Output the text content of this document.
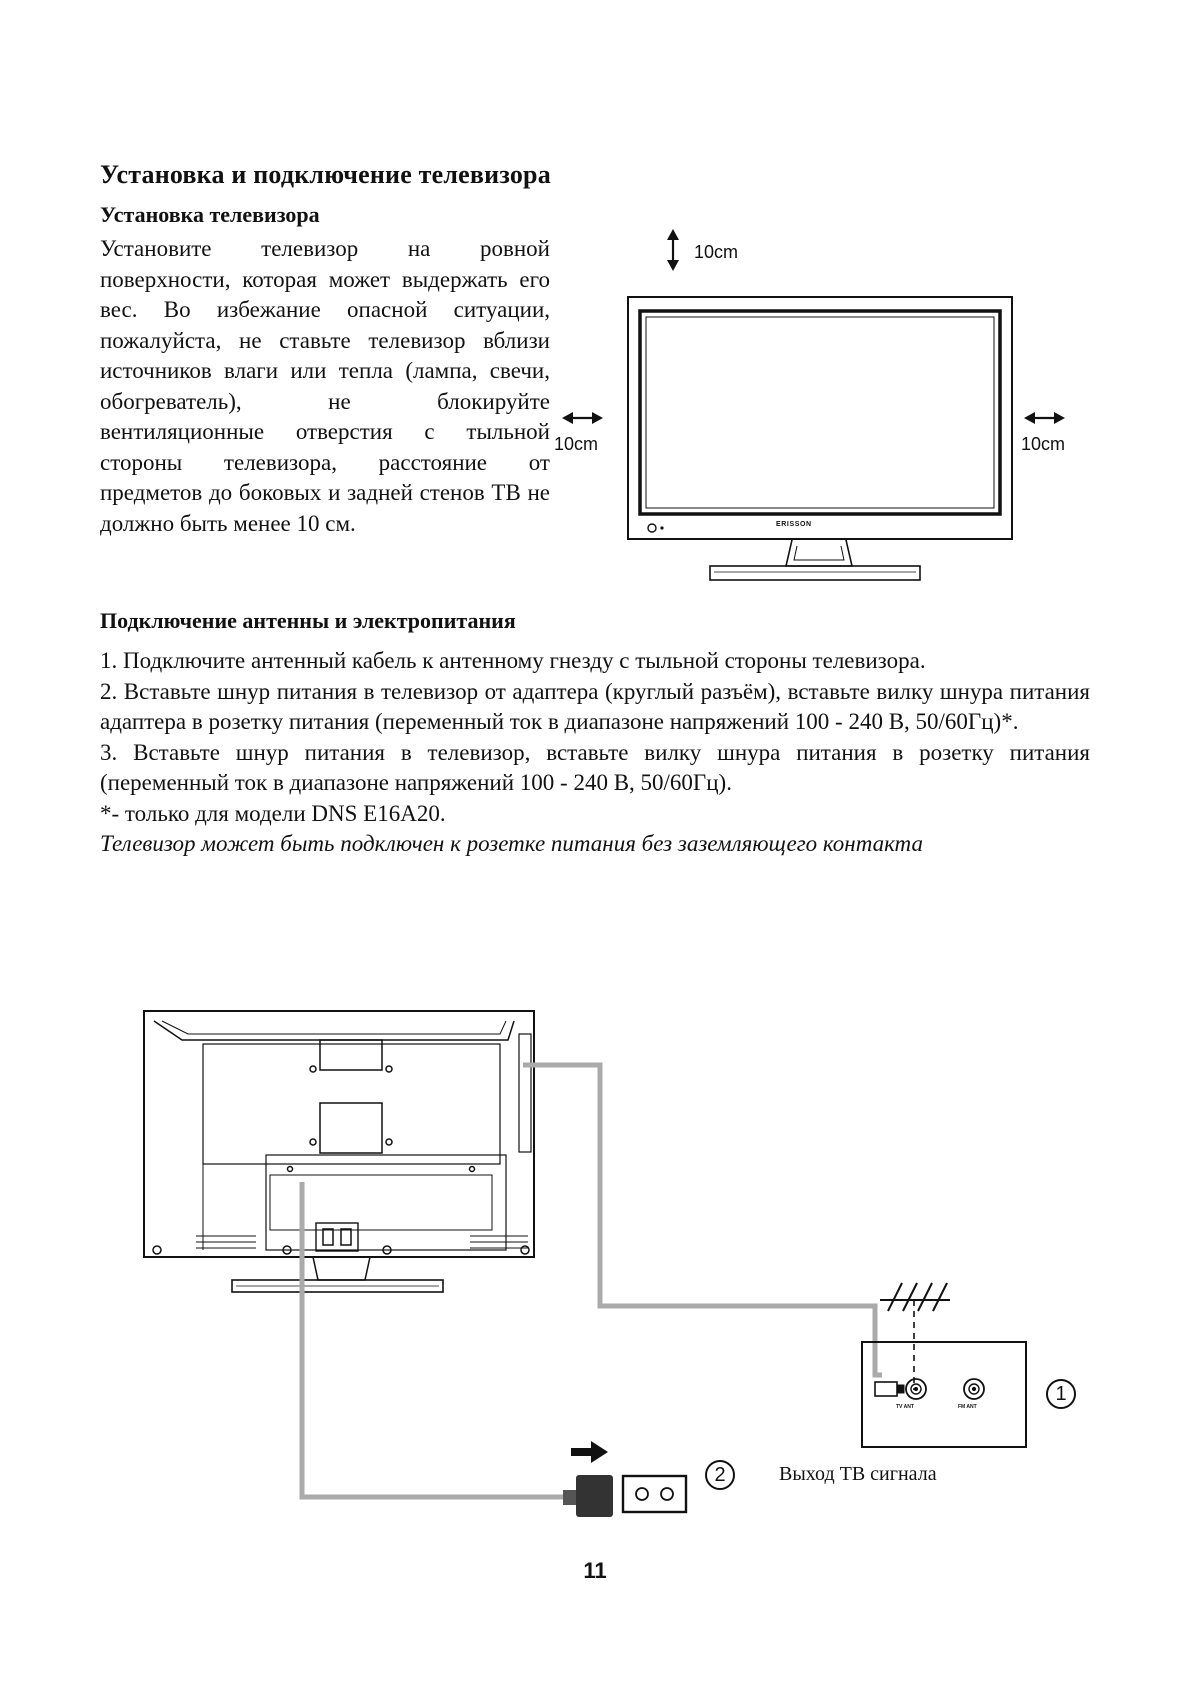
Установка и подключение телевизора
Установка телевизора

Установите телевизор на ровной поверхности, которая может выдержать его вес. Во избежание опасной ситуации, пожалуйста, не ставьте телевизор вблизи источников влаги или тепла (лампа, свечи, обогреватель), не блокируйте вентиляционные отверстия с тыльной стороны телевизора, расстояние от предметов до боковых и задней стенов ТВ не должно быть менее 10 см.

10cm
10cm	10cm
ERISSON
Подключение антенны и электропитания

1. Подключите антенный кабель к антенному гнезду с тыльной стороны телевизора.

2. Вставьте шнур питания в телевизор от адаптера (круглый разъём), вставьте вилку шнура питания адаптера в розетку питания (переменный ток в диапазоне напряжений 100 - 240 В, 50/60Гц)*.

3. Вставьте шнур питания в телевизор, вставьте вилку шнура питания в розетку питания (переменный ток в диапазоне напряжений 100 - 240 В, 50/60Гц).

*- только для модели DNS E16A20.

Телевизор может быть подключен к розетке питания без заземляющего контакта

1
2
TV ANT	FM ANT
Выход ТВ сигнала
11
